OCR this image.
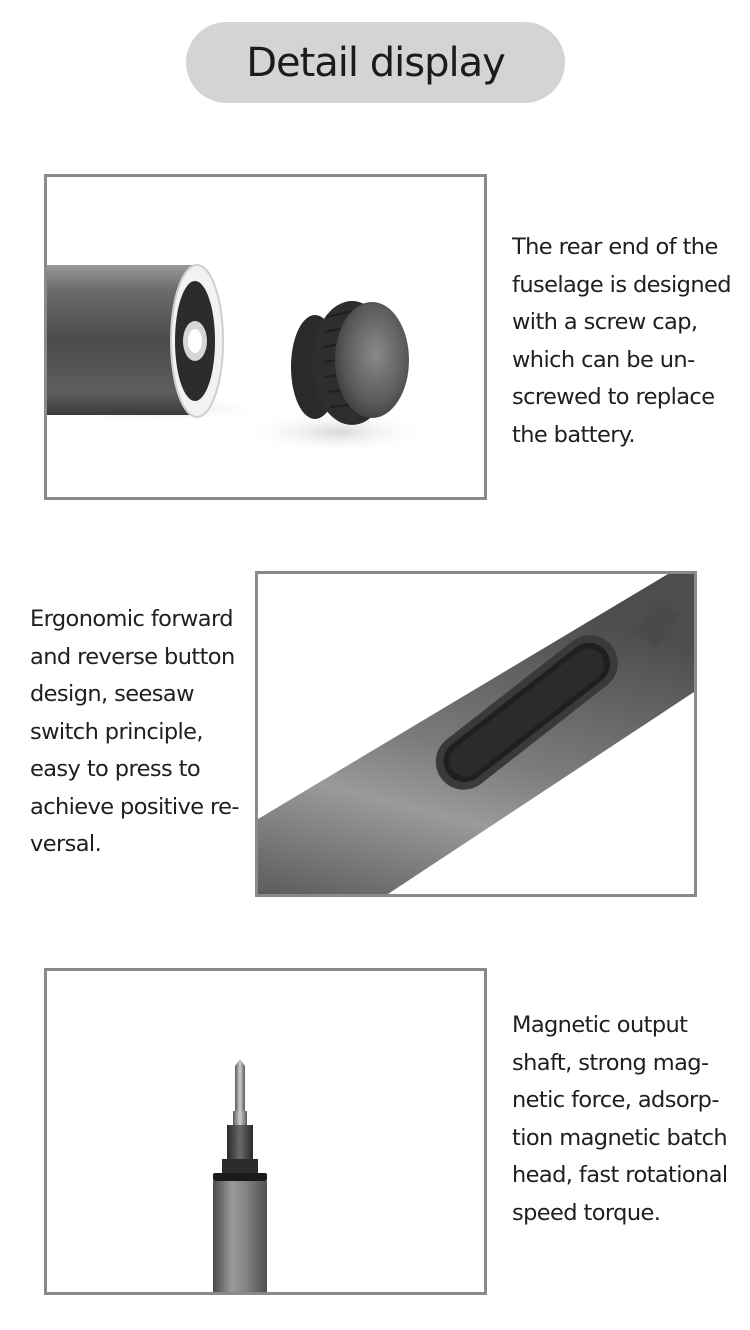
Detail display
The rear end of the
fuselage is designed
with a screw cap,
which can be un-
screwed to replace
the battery.
Ergonomic forward
and reverse button
design, seesaw
switch principle,
easy to press to
achieve positive re-
versal.
Magnetic output
shaft, strong mag-
netic force, adsorp-
tion magnetic batch
head, fast rotational
speed torque.
